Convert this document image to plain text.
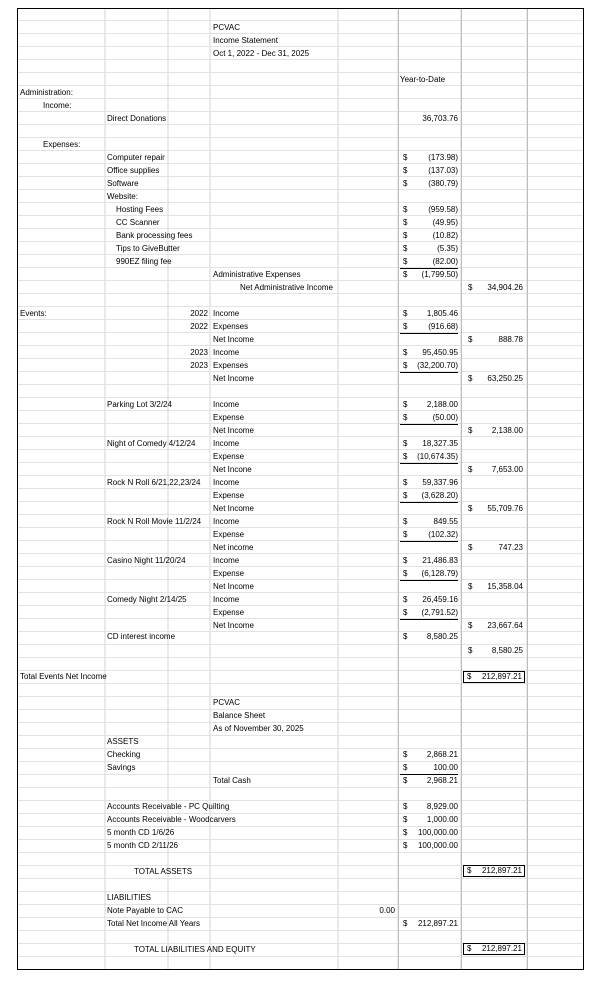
PCVAC
Income Statement
Oct 1, 2022 - Dec 31, 2025
Year-to-Date
Administration:
Income:
Direct Donations	36,703.76
Expenses:
Computer repair	$	(173.98)
Office supplies	$	(137.03)
Software	$	(380.79)
Website:
Hosting Fees	$	(959.58)
CC Scanner	$	(49.95)
Bank processing fees	$	(10.82)
Tips to GiveButter	$	(5.35)
990EZ filing fee	$	(82.00)
Administrative Expenses	$	(1,799.50)
Net Administrative Income	$	34,904.26
Events:	2022 Income	$	1,805.46
2022 Expenses	$	(916.68)
Net Income	$	888.78
2023 Income	$	95,450.95
2023 Expenses	$	(32,200.70)
Net Income	$	63,250.25
Parking Lot 3/2/24	Income	$	2,188.00
Expense	$	(50.00)
Net Income	$	2,138.00
Night of Comedy 4/12/24 Income	$	18,327.35
Expense	$	(10,674.35)
Net Incone	$	7,653.00
Rock N Roll 6/21,22,23/24 Income	$	59,337.96
Expense	$	(3,628.20)
Net Income	$	55,709.76
Rock N Roll Movie 11/2/24 Income	$	849.55
Expense	$	(102.32)
Net income	$	747.23
Casino Night 11/20/24	Income	$	21,486.83
Expense	$	(6,128.79)
Net Income	$	15,358.04
Comedy Night 2/14/25	Income	$	26,459.16
Expense	$	(2,791.52)
Net Income	$	23,667.64
CD interest income	$	8,580.25
$	8,580.25
Total Events Net Income	$ 212,897.21
PCVAC
Balance Sheet
As of November 30, 2025
ASSETS
Checking	$	2,868.21
Savings	$	100.00
Total Cash	$	2,968.21
Accounts Receivable - PC Quilting	$	8,929.00
Accounts Receivable - Woodcarvers	$	1,000.00
5 month CD 1/6/26	$	100,000.00
5 month CD 2/11/26	$	100,000.00
TOTAL ASSETS	$ 212,897.21
LIABILITIES
Note Payable to CAC	0.00
Total Net Income All Years	$	212,897.21
TOTAL LIABILITIES AND EQUITY	$ 212,897.21
